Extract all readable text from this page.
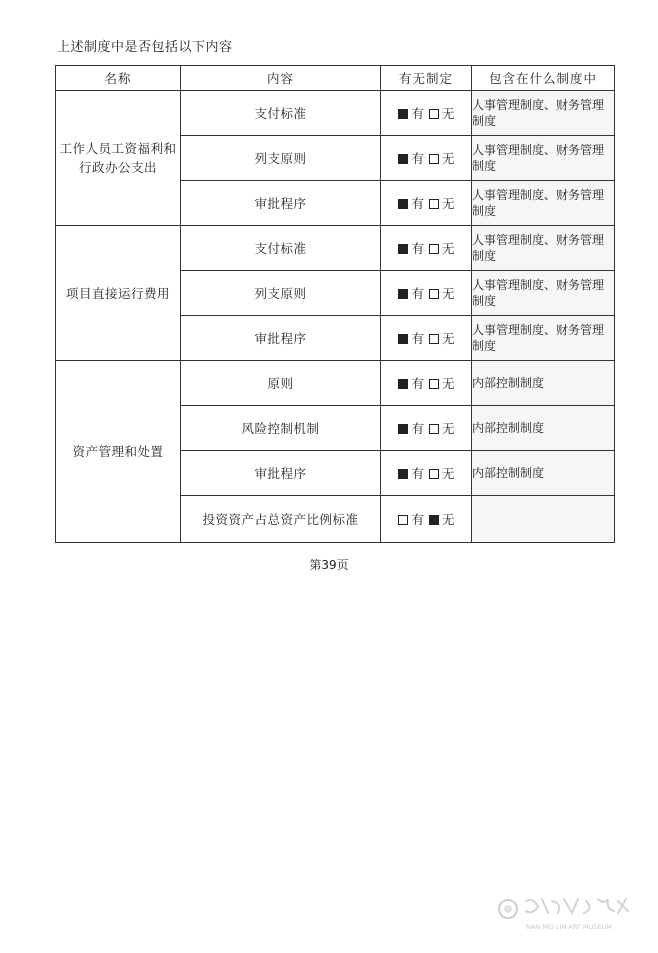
上述制度中是否包括以下内容
名称	内容	有无制定	包含在什么制度中
工作人员工资福利和行政办公支出	支付标准	有 无	人事管理制度、财务管理制度
	列支原则	有 无	人事管理制度、财务管理制度
	审批程序	有 无	人事管理制度、财务管理制度
项目直接运行费用	支付标准	有 无	人事管理制度、财务管理制度
	列支原则	有 无	人事管理制度、财务管理制度
	审批程序	有 无	人事管理制度、财务管理制度
资产管理和处置	原则	有 无	内部控制制度
	风险控制机制	有 无	内部控制制度
	审批程序	有 无	内部控制制度
	投资资产占总资产比例标准	有 无	
第39页
NAN MEI LIN ART MUSEUM
